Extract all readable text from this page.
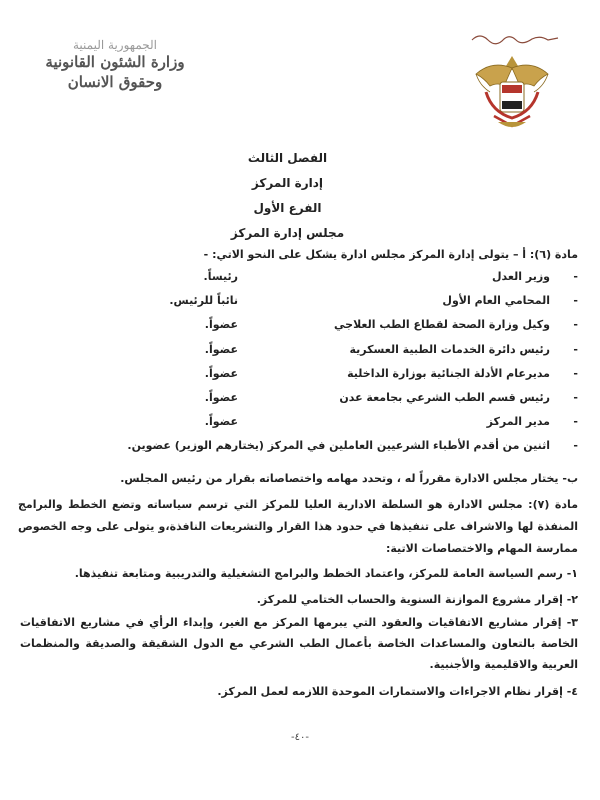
الجمهورية اليمنية
وزارة الشئون القانونية
وحقوق الانسان
الفصل الثالث
إدارة المركز
الفرع الأول
مجلس إدارة المركز
مادة (٦): أ – يتولى إدارة المركز مجلس ادارة يشكل على النحو الاتي: -
-
وزير العدل
رئيساً.
-
المحامي العام الأول
نائباً للرئيس.
-
وكيل وزارة الصحة لقطاع الطب العلاجي
عضواً.
-
رئيس دائرة الخدمات الطبية العسكرية
عضواً.
-
مديرعام الأدلة الجنائية بوزارة الداخلية
عضواً.
-
رئيس قسم الطب الشرعي بجامعة عدن
عضواً.
-
مدير المركز
عضواً.
-
اثنين من أقدم الأطباء الشرعيين العاملين في المركز (يختارهم الوزير) عضوين.
ب- يختار مجلس الادارة مقرراً له ، وتحدد مهامه واختصاصاته بقرار من رئيس المجلس.
مادة (٧): مجلس الادارة هو السلطة الادارية العليا للمركز التي ترسم سياساته وتضع الخطط والبرامج المنفذة لها والاشراف على تنفيذها في حدود هذا القرار والتشريعات النافذة،و يتولى على وجه الخصوص ممارسة المهام والاختصاصات الاتية:
١- رسم السياسة العامة للمركز، واعتماد الخطط والبرامج التشغيلية والتدريبية ومتابعة تنفيذها.
٢- إقرار مشروع الموازنة السنوية والحساب الختامي للمركز.
٣- إقرار مشاريع الاتفاقيات والعقود التي يبرمها المركز مع الغير، وإبداء الرأي في مشاريع الاتفاقيات الخاصة بالتعاون والمساعدات الخاصة بأعمال الطب الشرعي مع الدول الشقيقة والصديقة والمنظمات العربية والاقليمية والأجنبية.
٤- إقرار نظام الاجراءات والاستمارات الموحدة اللازمه لعمل المركز.
-٤٠-
